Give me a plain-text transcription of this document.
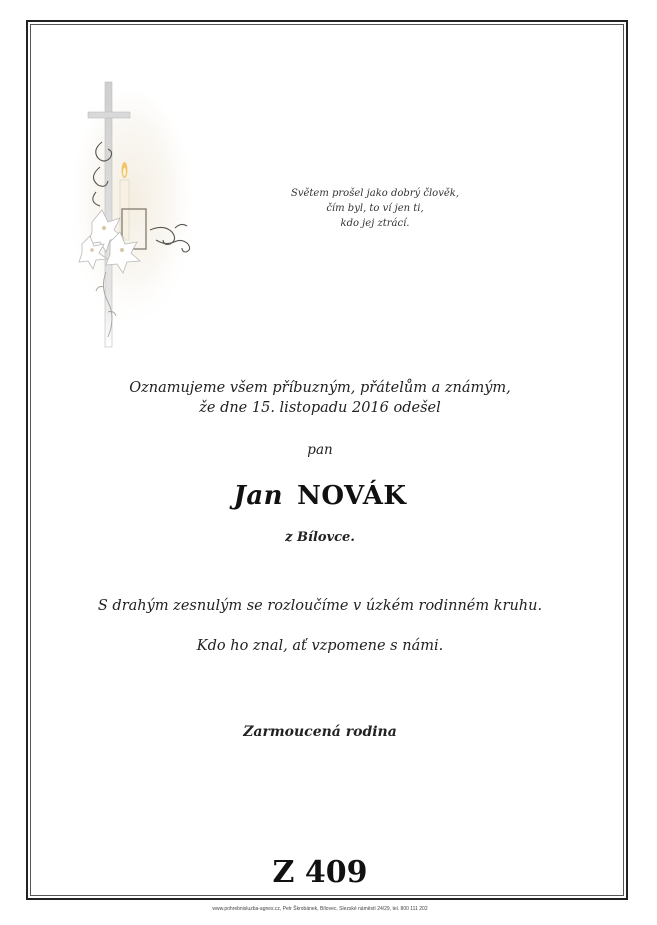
Světem prošel jako dobrý člověk,
čím byl, to ví jen ti,
kdo jej ztrácí.
Oznamujeme všem příbuzným, přátelům a známým,
že dne 15. listopadu 2016 odešel
pan
Jan NOVÁK
z Bílovce.
S drahým zesnulým se rozloučíme v úzkém rodinném kruhu.
Kdo ho znal, ať vzpomene s námi.
Zarmoucená rodina
Z 409
www.pohrebnisluzba-agnes.cz, Petr Škrobánek, Bílovec, Slezské náměstí 24/29, tel. 800 111 202
